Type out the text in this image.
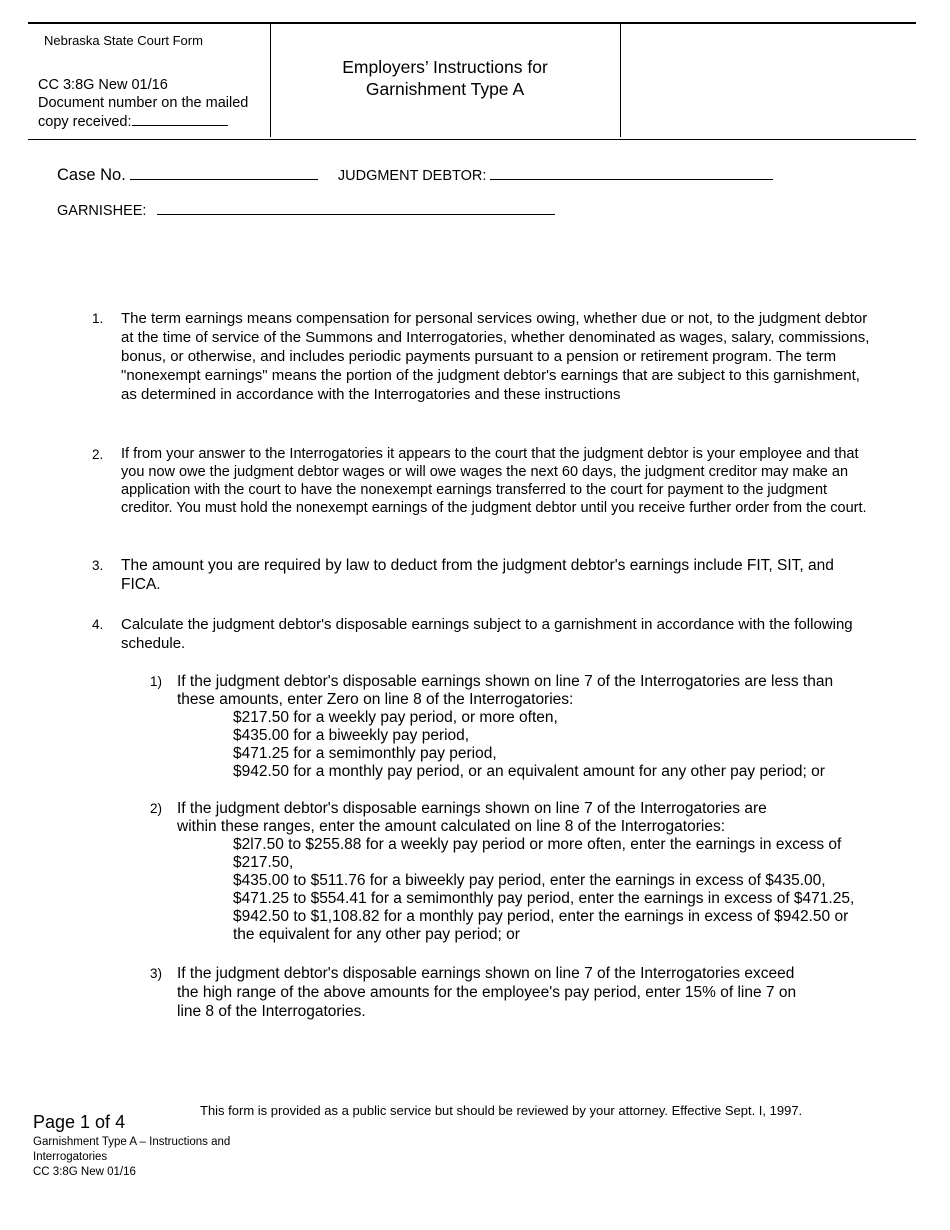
Nebraska State Court Form
CC 3:8G New 01/16
Document number on the mailed
copy received:
Employers’ Instructions for
Garnishment Type A
Case No.	JUDGMENT DEBTOR:
GARNISHEE:
1.	The term earnings means compensation for personal services owing, whether due or not, to the judgment debtor at the time of service of the Summons and Interrogatories, whether denominated as wages, salary, commissions, bonus, or otherwise, and includes periodic payments pursuant to a pension or retirement program. The term "nonexempt earnings" means the portion of the judgment debtor's earnings that are subject to this garnishment, as determined in accordance with the Interrogatories and these instructions
2.	If from your answer to the Interrogatories it appears to the court that the judgment debtor is your employee and that you now owe the judgment debtor wages or will owe wages the next 60 days, the judgment creditor may make an application with the court to have the nonexempt earnings transferred to the court for payment to the judgment creditor. You must hold the nonexempt earnings of the judgment debtor until you receive further order from the court.
3.	The amount you are required by law to deduct from the judgment debtor's earnings include FIT, SIT, and FICA.
4.	Calculate the judgment debtor's disposable earnings subject to a garnishment in accordance with the following schedule.
1) If the judgment debtor's disposable earnings shown on line 7 of the Interrogatories are less than
these amounts, enter Zero on line 8 of the Interrogatories:
$217.50 for a weekly pay period, or more often,
$435.00 for a biweekly pay period,
$471.25 for a semimonthly pay period,
$942.50 for a monthly pay period, or an equivalent amount for any other pay period; or
2) If the judgment debtor's disposable earnings shown on line 7 of the Interrogatories are
within these ranges, enter the amount calculated on line 8 of the Interrogatories:
$2l7.50 to $255.88 for a weekly pay period or more often, enter the earnings in excess of
$217.50,
$435.00 to $511.76 for a biweekly pay period, enter the earnings in excess of $435.00,
$471.25 to $554.41 for a semimonthly pay period, enter the earnings in excess of $471.25,
$942.50 to $1,108.82 for a monthly pay period, enter the earnings in excess of $942.50 or
the equivalent for any other pay period; or
3) If the judgment debtor's disposable earnings shown on line 7 of the Interrogatories exceed
the high range of the above amounts for the employee's pay period, enter 15% of line 7 on
line 8 of the Interrogatories.
This form is provided as a public service but should be reviewed by your attorney. Effective Sept. I, 1997.
Page 1 of 4
Garnishment Type A – Instructions and Interrogatories
CC 3:8G New 01/16
